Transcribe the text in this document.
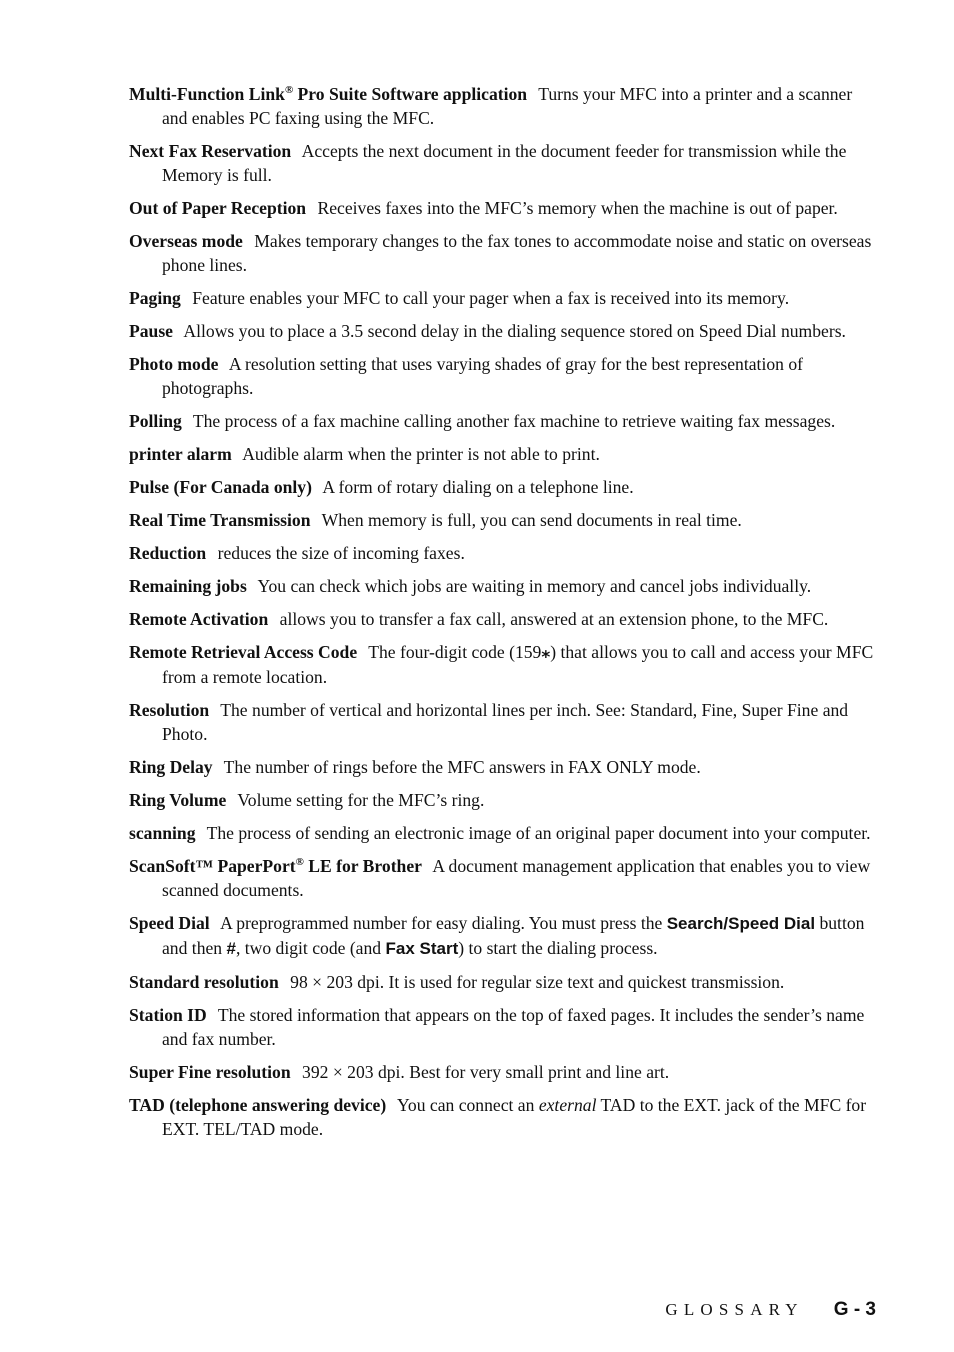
Multi-Function Link® Pro Suite Software application Turns your MFC into a printer and a scanner and enables PC faxing using the MFC.

Next Fax Reservation Accepts the next document in the document feeder for transmission while the Memory is full.

Out of Paper Reception Receives faxes into the MFC’s memory when the machine is out of paper.

Overseas mode Makes temporary changes to the fax tones to accommodate noise and static on overseas phone lines.

Paging Feature enables your MFC to call your pager when a fax is received into its memory.

Pause Allows you to place a 3.5 second delay in the dialing sequence stored on Speed Dial numbers.

Photo mode A resolution setting that uses varying shades of gray for the best representation of photographs.

Polling The process of a fax machine calling another fax machine to retrieve waiting fax messages.

printer alarm Audible alarm when the printer is not able to print.

Pulse (For Canada only) A form of rotary dialing on a telephone line.

Real Time Transmission When memory is full, you can send documents in real time.

Reduction reduces the size of incoming faxes.

Remaining jobs You can check which jobs are waiting in memory and cancel jobs individually.

Remote Activation allows you to transfer a fax call, answered at an extension phone, to the MFC.

Remote Retrieval Access Code The four-digit code (159⁎) that allows you to call and access your MFC from a remote location.

Resolution The number of vertical and horizontal lines per inch. See: Standard, Fine, Super Fine and Photo.

Ring Delay The number of rings before the MFC answers in FAX ONLY mode.

Ring Volume Volume setting for the MFC’s ring.

scanning The process of sending an electronic image of an original paper document into your computer.

ScanSoft™ PaperPort® LE for Brother A document management application that enables you to view scanned documents.

Speed Dial A preprogrammed number for easy dialing. You must press the Search/Speed Dial button and then #, two digit code (and Fax Start) to start the dialing process.

Standard resolution 98 × 203 dpi. It is used for regular size text and quickest transmission.

Station ID The stored information that appears on the top of faxed pages. It includes the sender’s name and fax number.

Super Fine resolution 392 × 203 dpi. Best for very small print and line art.

TAD (telephone answering device) You can connect an external TAD to the EXT. jack of the MFC for EXT. TEL/TAD mode.

GLOSSARY G - 3
